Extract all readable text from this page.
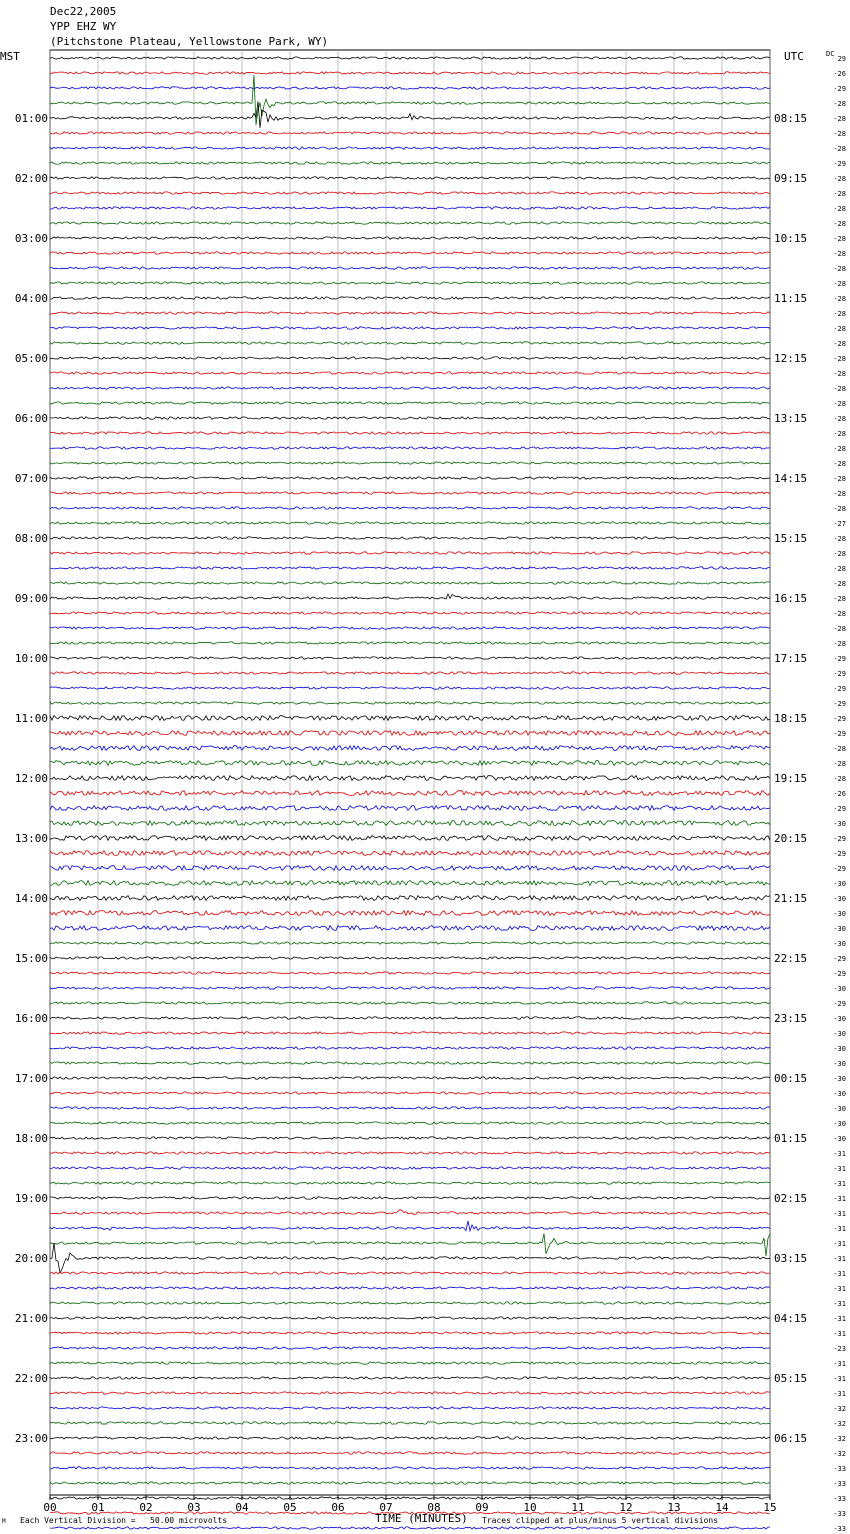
Dec22,2005
YPP EHZ WY
(Pitchstone Plateau, Yellowstone Park, WY)
MST	UTC	DC
00	01	02	03	04	05	06	07	08	09	10	11	12	13	14	15
29
-26
-29
-28
-28
-28
-28
-29
-28
-28
-28
-28
-28
-28
-28
-28
-28
-28
-28
-28
-28
-28
-28
-28
-28
-28
-28
-28
-28
-28
-28
-27
-28
-28
-28
-28
-28
-28
-28
-28
-29
-29
-29
-29
-29
-29
-28
-28
-28
-26
-29
-30
-29
-29
-29
-30
-30
-30
-30
-30
-29
-29
-30
-29
-30
-30
-30
-30
-30
-30
-30
-30
-30
-31
-31
-31
-31
-31
-31
-31
-31
-31
-31
-31
-31
-31
-23
-31
-31
-31
-32
-32
-32
-32
-33
-33
-33
-33
-33
01:00	08:15
02:00	09:15
03:00	10:15
04:00	11:15
05:00	12:15
06:00	13:15
07:00	14:15
08:00	15:15
09:00	16:15
10:00	17:15
11:00	18:15
12:00	19:15
13:00	20:15
14:00	21:15
15:00	22:15
16:00	23:15
17:00	00:15
18:00	01:15
19:00	02:15
20:00	03:15
21:00	04:15
22:00	05:15
23:00	06:15
TIME (MINUTES)
Each Vertical Division =   50.00 microvolts	Traces clipped at plus/minus 5 vertical divisions
M
